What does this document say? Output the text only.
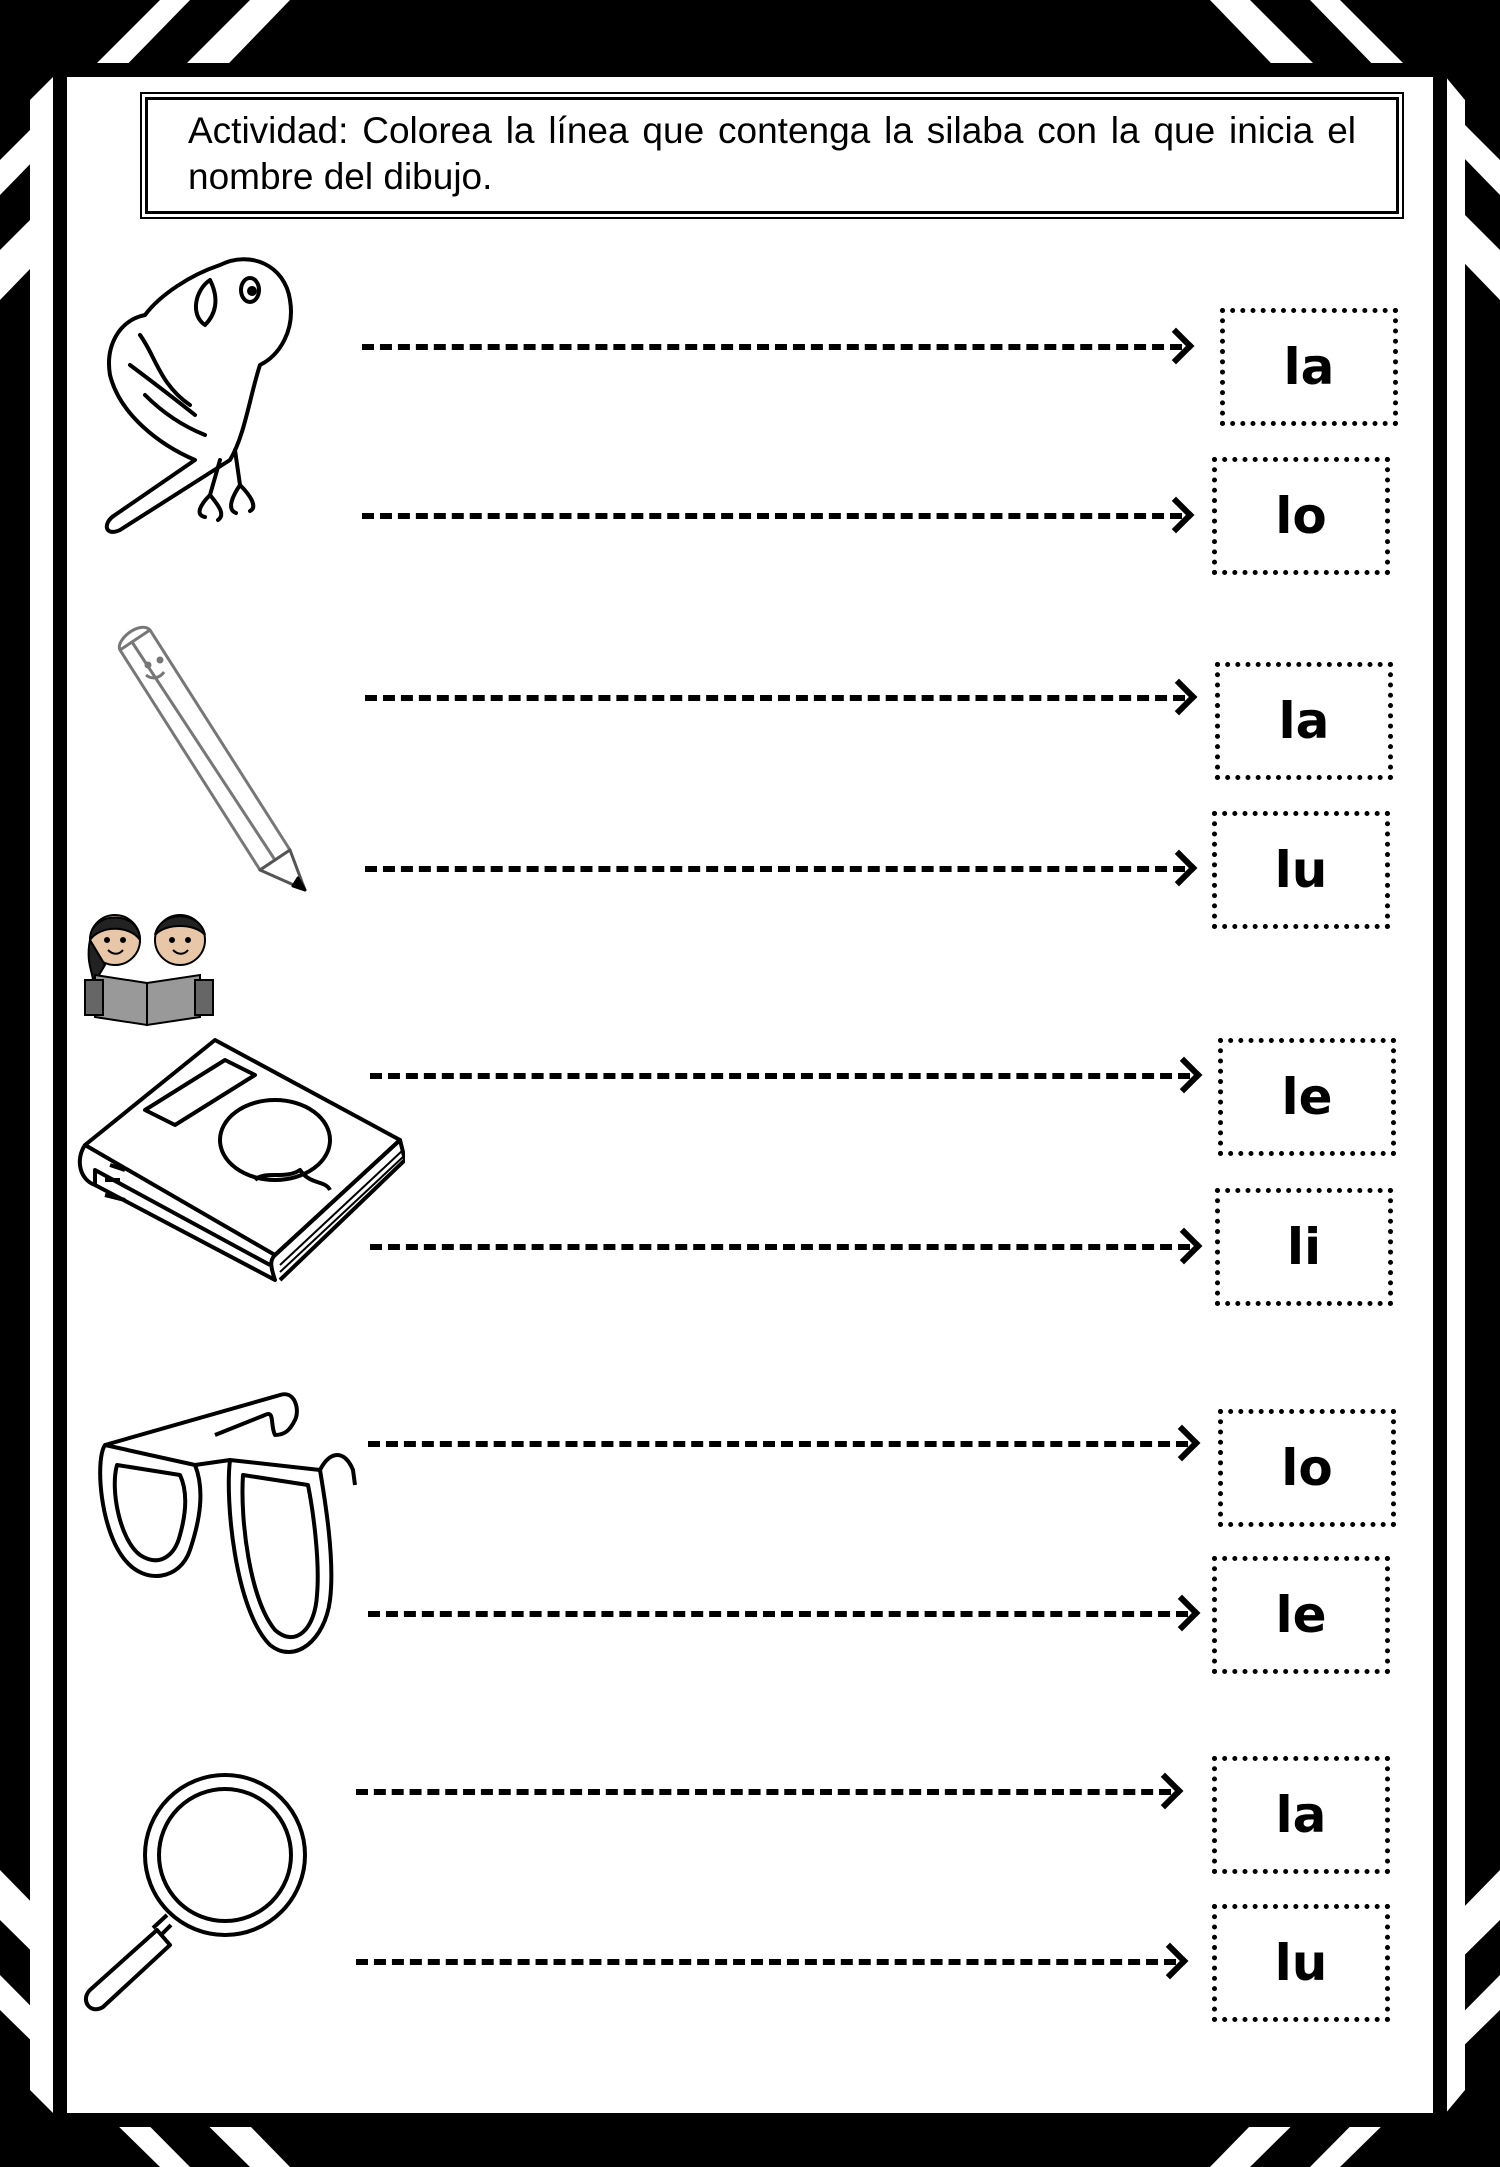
Actividad: Colorea la línea que contenga la silaba con la que inicia el nombre del dibujo.

la
lo
la
lu
le
li
lo
le
la
lu
